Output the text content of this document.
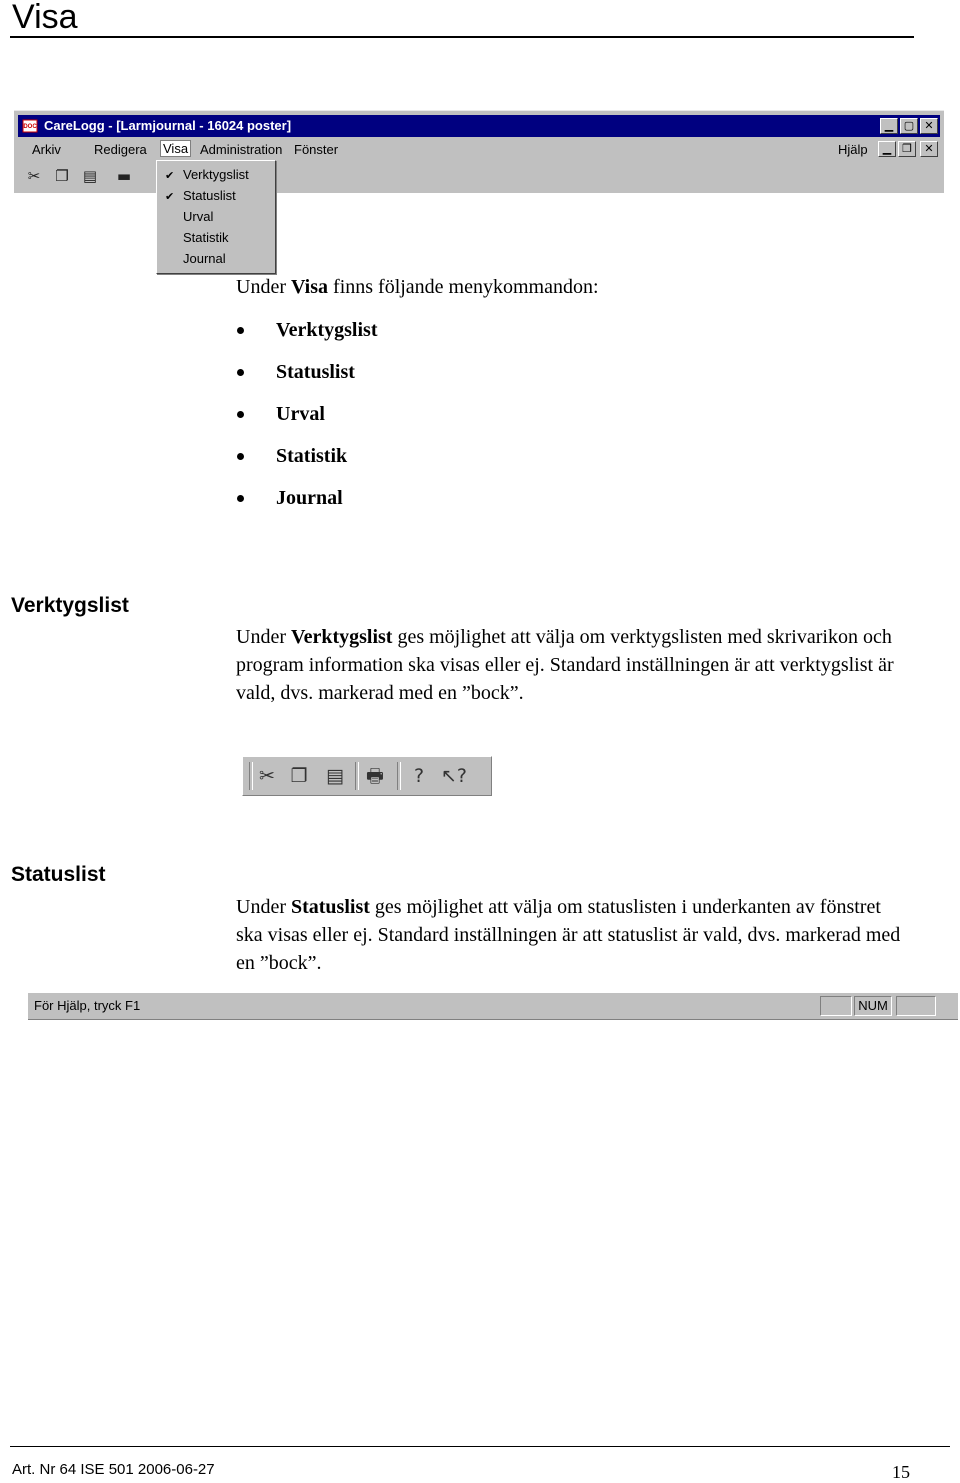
Visa
DOC CareLogg - [Larmjournal - 16024 poster]	▁ ▢ ✕
Arkiv	Redigera Visa Administration Fönster	Hjälp	▁ ❐	✕
✂ ❐ ▤ ▬	✔ Verktygslist
✔ Statuslist
Urval
Statistik
Journal
Under Visa finns följande menykommandon:
Verktygslist
Statuslist
Urval
Statistik
Journal
Verktygslist

Under Verktygslist ges möjlighet att välja om verktygslisten med skrivarikon och program information ska visas eller ej. Standard inställningen är att verktygslist är vald, dvs. markerad med en ”bock”.

✂ ❐ ▤ 🖶	? ↖?
Statuslist

Under Statuslist ges möjlighet att välja om statuslisten i underkanten av fönstret ska visas eller ej. Standard inställningen är att statuslist är vald, dvs. markerad med en ”bock”.

För Hjälp, tryck F1	NUM
Art. Nr 64 ISE 501 2006-06-27	15
